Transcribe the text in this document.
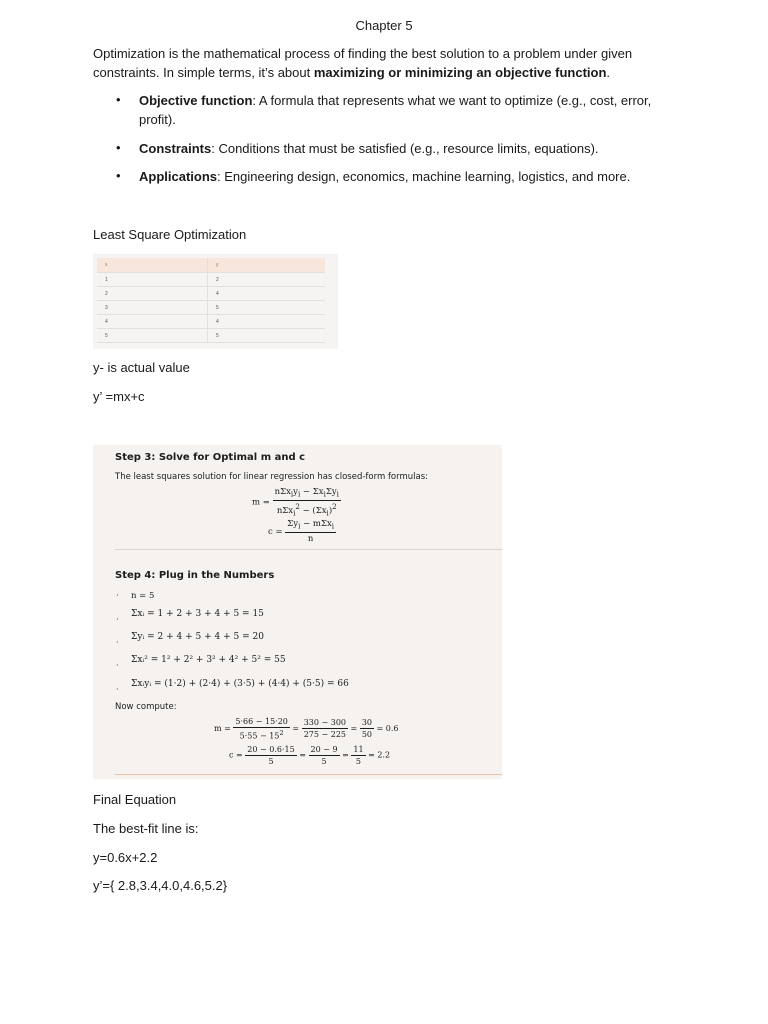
Chapter 5
Optimization is the mathematical process of finding the best solution to a problem under given
constraints. In simple terms, it’s about maximizing or minimizing an objective function.
• Objective function: A formula that represents what we want to optimize (e.g., cost, error,
profit).
• Constraints: Conditions that must be satisfied (e.g., resource limits, equations).
• Applications: Engineering design, economics, machine learning, logistics, and more.
Least Square Optimization
x	y
1	2
2	4
3	5
4	4
5	5
y- is actual value
y’ =mx+c
Step 3: Solve for Optimal m and c
The least squares solution for linear regression has closed-form formulas:
$m = \frac{n\Sigma x_iy_i - \Sigma x_i\Sigma y_i}{n\Sigma x_i^2 - (\Sigma x_i)^2}$
$c = \frac{\Sigma y_i - m\Sigma x_i}{n}$
Step 4: Plug in the Numbers
· n = 5
·
Σxᵢ = 1 + 2 + 3 + 4 + 5 = 15
·
Σyᵢ = 2 + 4 + 5 + 4 + 5 = 20
·
Σxᵢ² = 1² + 2² + 3² + 4² + 5² = 55
·
Σxᵢyᵢ = (1·2) + (2·4) + (3·5) + (4·4) + (5·5) = 66
Now compute:
$m = \frac{5\cdot 66 - 15\cdot 20}{5\cdot 55 - 15^2} = \frac{330 - 300}{275 - 225} = \frac{30}{50} = 0.6$
$c = \frac{20 - 0.6\cdot 15}{5} = \frac{20 - 9}{5} = \frac{11}{5} = 2.2$
Final Equation
The best-fit line is:
y=0.6x+2.2
y’={ 2.8,3.4,4.0,4.6,5.2}
